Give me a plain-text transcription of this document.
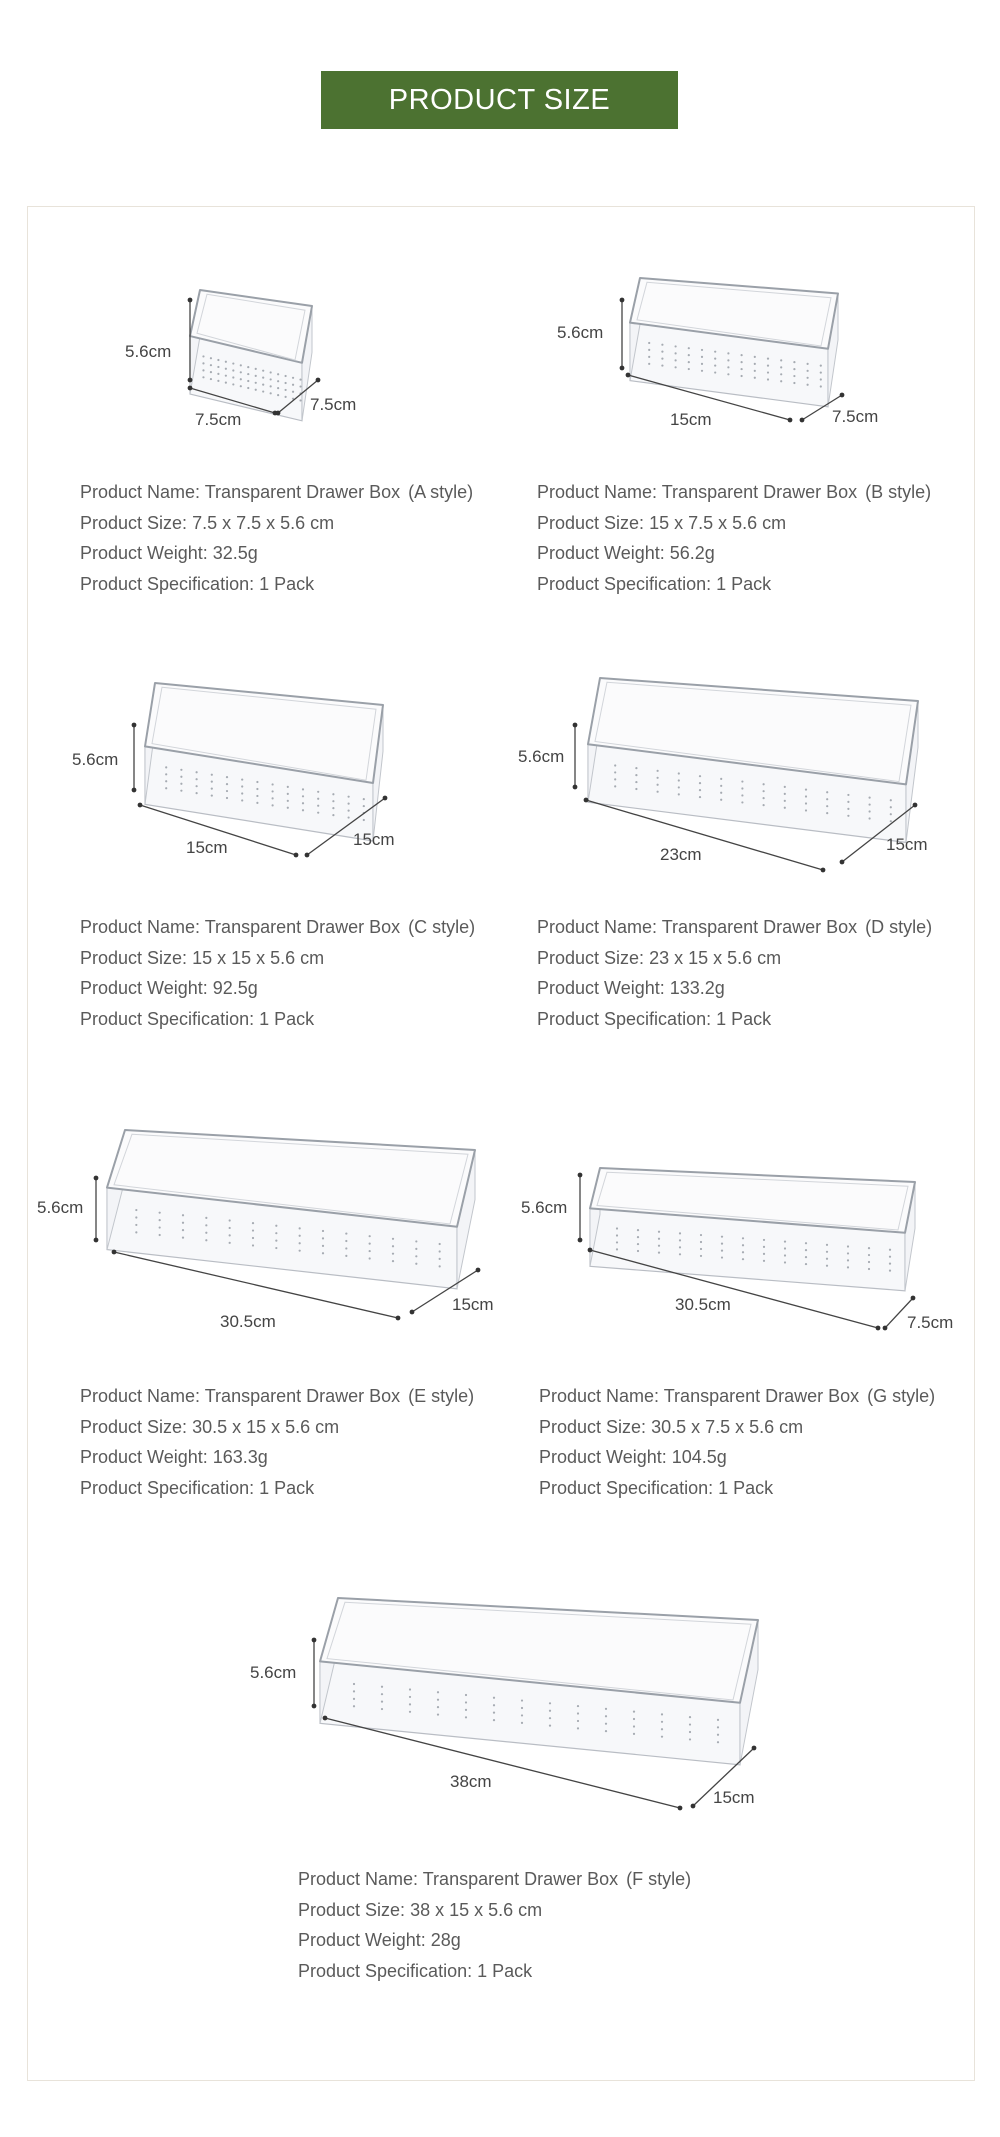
PRODUCT SIZE
5.6cm
7.5cm
7.5cm
Product Name: Transparent Drawer Box (A style)
Product Size: 7.5 x 7.5 x 5.6 cm
Product Weight: 32.5g
Product Specification: 1 Pack
5.6cm
15cm	7.5cm
Product Name: Transparent Drawer Box (B style)
Product Size: 15 x 7.5 x 5.6 cm
Product Weight: 56.2g
Product Specification: 1 Pack
5.6cm
15cm	15cm
Product Name: Transparent Drawer Box (C style)
Product Size: 15 x 15 x 5.6 cm
Product Weight: 92.5g
Product Specification: 1 Pack
5.6cm
23cm
15cm
Product Name: Transparent Drawer Box (D style)
Product Size: 23 x 15 x 5.6 cm
Product Weight: 133.2g
Product Specification: 1 Pack
5.6cm
30.5cm
15cm
Product Name: Transparent Drawer Box (E style)
Product Size: 30.5 x 15 x 5.6 cm
Product Weight: 163.3g
Product Specification: 1 Pack
5.6cm
30.5cm
7.5cm
Product Name: Transparent Drawer Box (G style)
Product Size: 30.5 x 7.5 x 5.6 cm
Product Weight: 104.5g
Product Specification: 1 Pack
5.6cm
38cm
15cm
Product Name: Transparent Drawer Box (F style)
Product Size: 38 x 15 x 5.6 cm
Product Weight: 28g
Product Specification: 1 Pack
